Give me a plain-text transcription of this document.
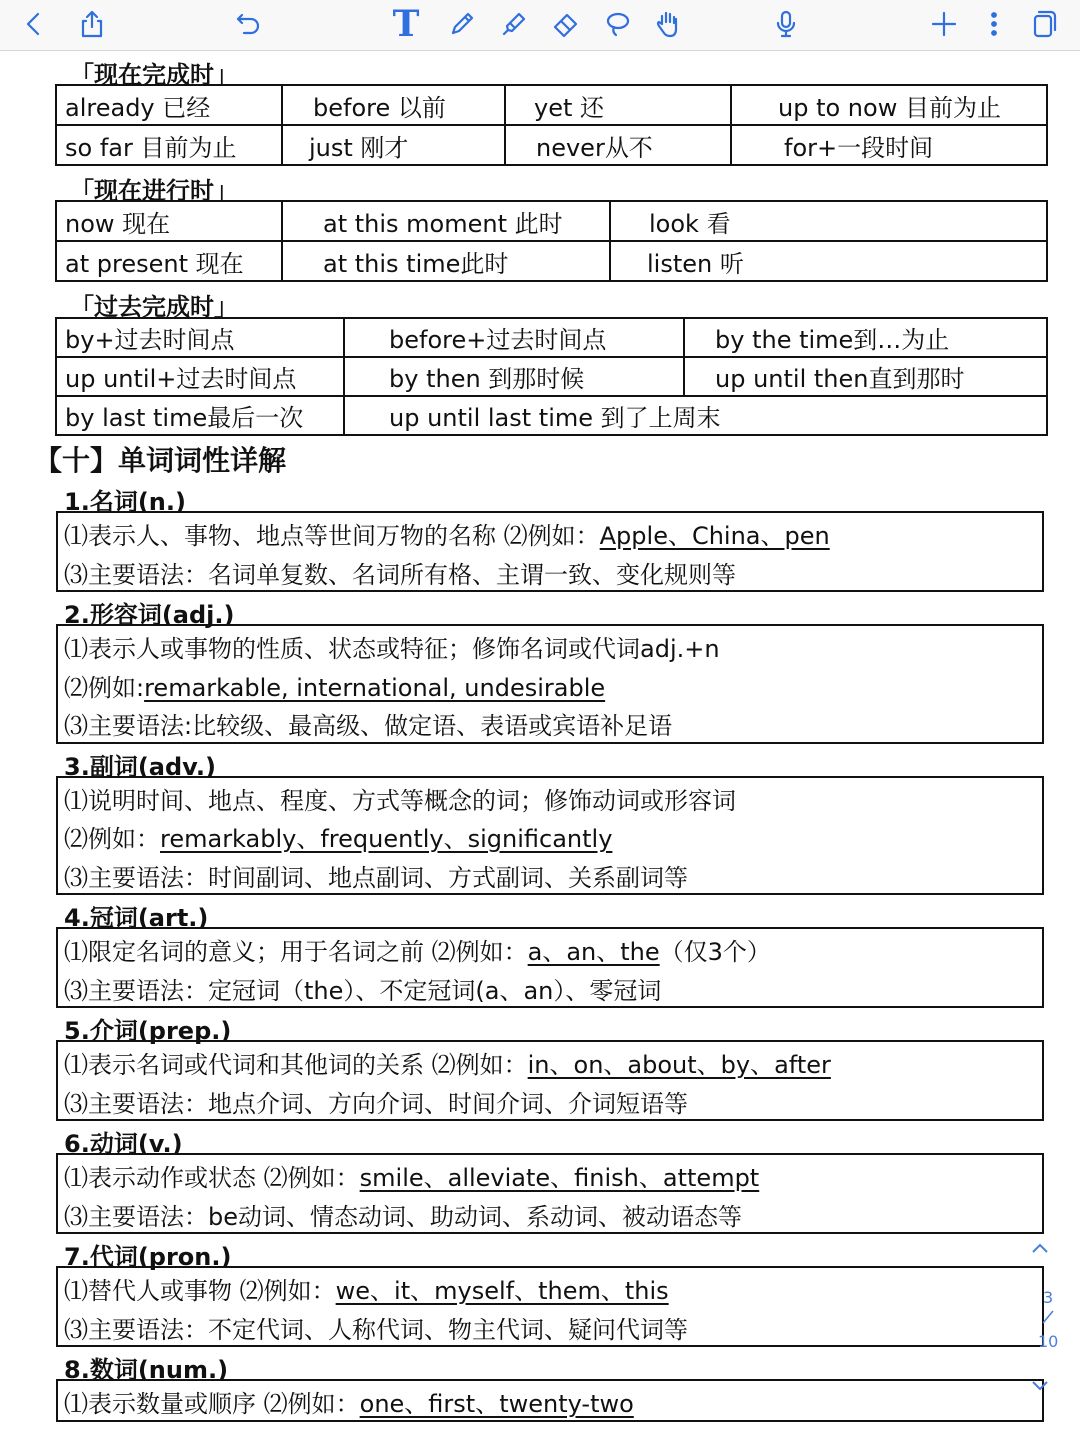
T
「现在完成时」
already 已经	before 以前	yet 还	up to now 目前为止
so far 目前为止	just 刚才	never从不	for+一段时间
「现在进行时」
now 现在	at this moment 此时	look 看
at present 现在	at this time此时	listen 听
「过去完成时」
by+过去时间点	before+过去时间点	by the time到…为止
up until+过去时间点	by then 到那时候	up until then直到那时
by last time最后一次	up until last time 到了上周末	
【十】单词词性详解
1.名词(n.)
⑴表示人、事物、地点等世间万物的名称 ⑵例如：Apple、China、pen
⑶主要语法：名词单复数、名词所有格、主谓一致、变化规则等
2.形容词(adj.)
⑴表示人或事物的性质、状态或特征；修饰名词或代词adj.+n
⑵例如:remarkable, international, undesirable
⑶主要语法:比较级、最高级、做定语、表语或宾语补足语
3.副词(adv.)
⑴说明时间、地点、程度、方式等概念的词；修饰动词或形容词
⑵例如：remarkably、frequently、significantly
⑶主要语法：时间副词、地点副词、方式副词、关系副词等
4.冠词(art.)
⑴限定名词的意义；用于名词之前 ⑵例如：a、an、the（仅3个）
⑶主要语法：定冠词（the）、不定冠词(a、an）、零冠词
5.介词(prep.)
⑴表示名词或代词和其他词的关系 ⑵例如：in、on、about、by、after
⑶主要语法：地点介词、方向介词、时间介词、介词短语等
6.动词(v.)
⑴表示动作或状态 ⑵例如：smile、alleviate、finish、attempt
⑶主要语法：be动词、情态动词、助动词、系动词、被动语态等
7.代词(pron.)
⑴替代人或事物 ⑵例如：we、it、myself、them、this
⑶主要语法：不定代词、人称代词、物主代词、疑问代词等
8.数词(num.)
⑴表示数量或顺序 ⑵例如：one、first、twenty-two
3
10
